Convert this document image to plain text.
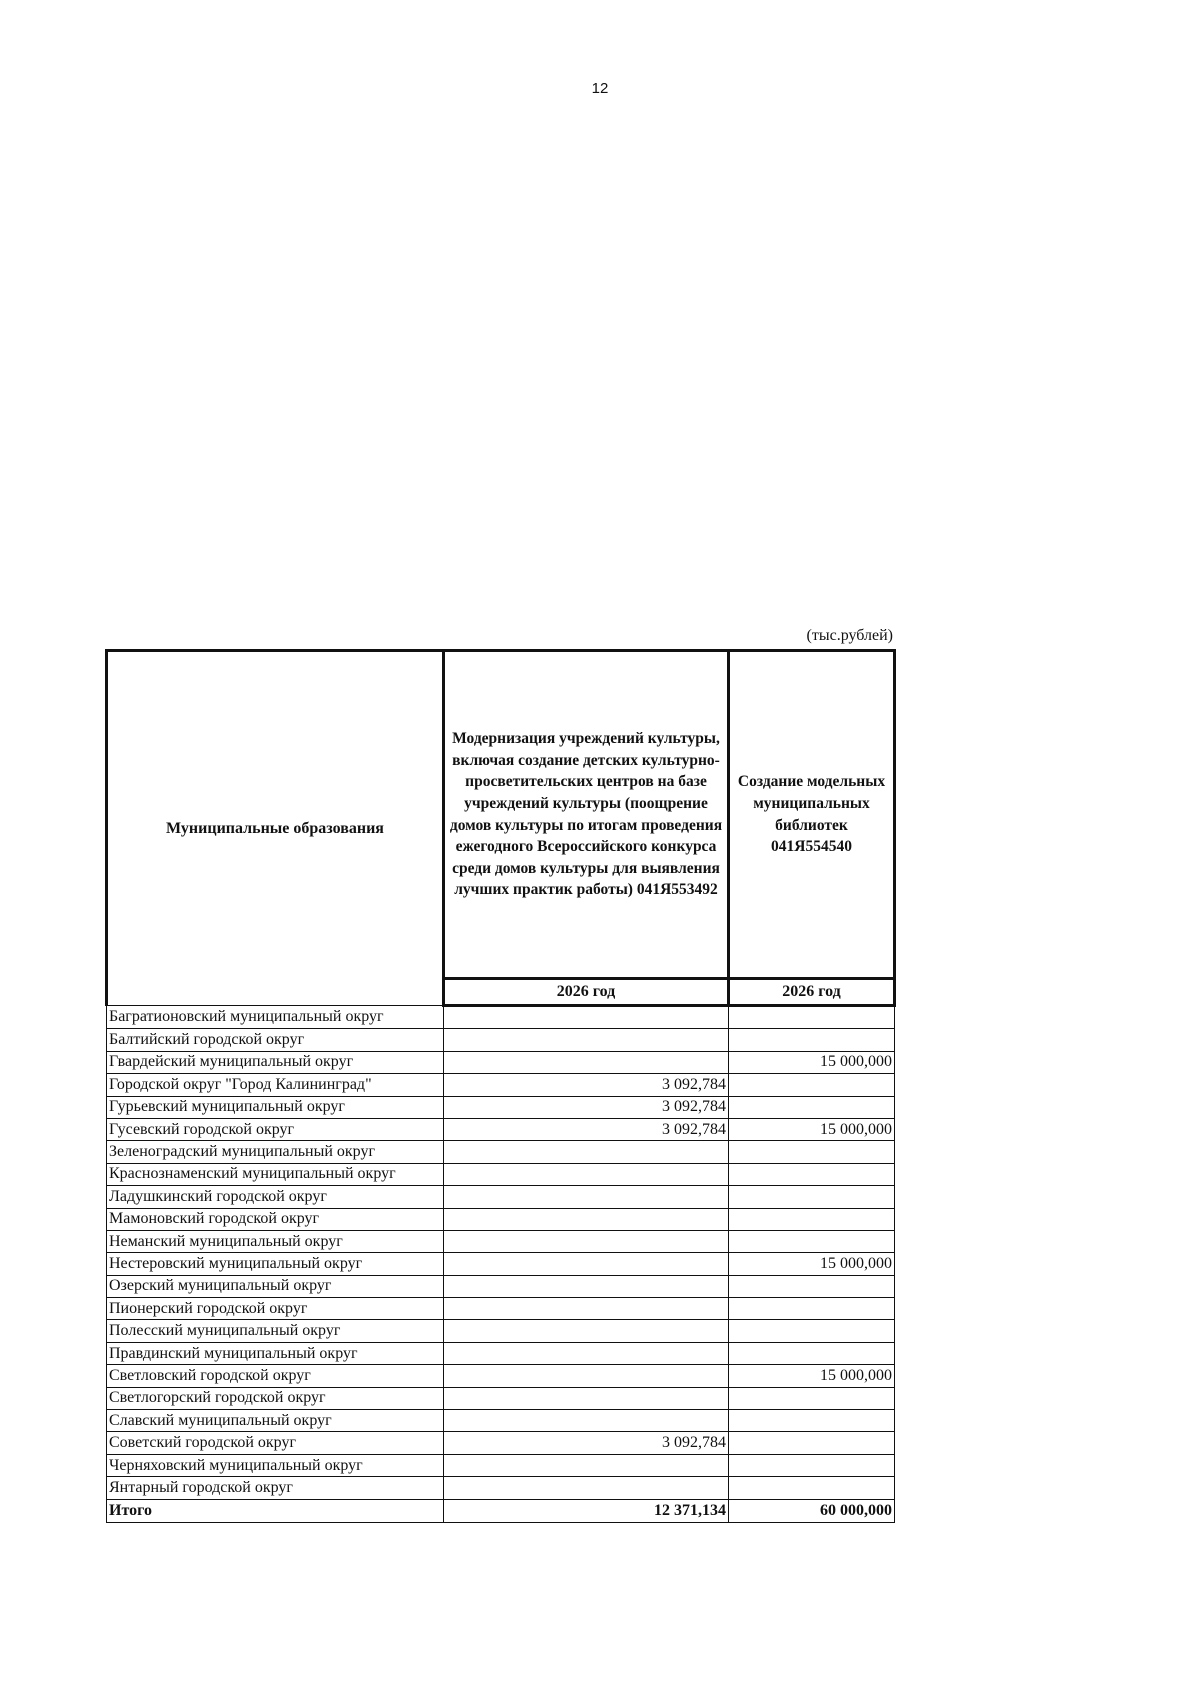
12
(тыс.рублей)
Муниципальные образования	Модернизация учреждений культуры, включая создание детских культурно-просветительских центров на базе учреждений культуры (поощрение домов культуры по итогам проведения ежегодного Всероссийского конкурса среди домов культуры для выявления лучших практик работы) 041Я553492	Создание модельных муниципальных библиотек 041Я554540
	2026 год	2026 год
Багратионовский муниципальный округ		
Балтийский городской округ		
Гвардейский муниципальный округ		15 000,000
Городской округ "Город Калининград"	3 092,784	
Гурьевский муниципальный округ	3 092,784	
Гусевский городской округ	3 092,784	15 000,000
Зеленоградский муниципальный округ		
Краснознаменский муниципальный округ		
Ладушкинский городской округ		
Мамоновский городской округ		
Неманский муниципальный округ		
Нестеровский муниципальный округ		15 000,000
Озерский муниципальный округ		
Пионерский городской округ		
Полесский муниципальный округ		
Правдинский муниципальный округ		
Светловский городской округ		15 000,000
Светлогорский городской округ		
Славский муниципальный округ		
Советский городской округ	3 092,784	
Черняховский муниципальный округ		
Янтарный городской округ		
Итого	12 371,134	60 000,000
